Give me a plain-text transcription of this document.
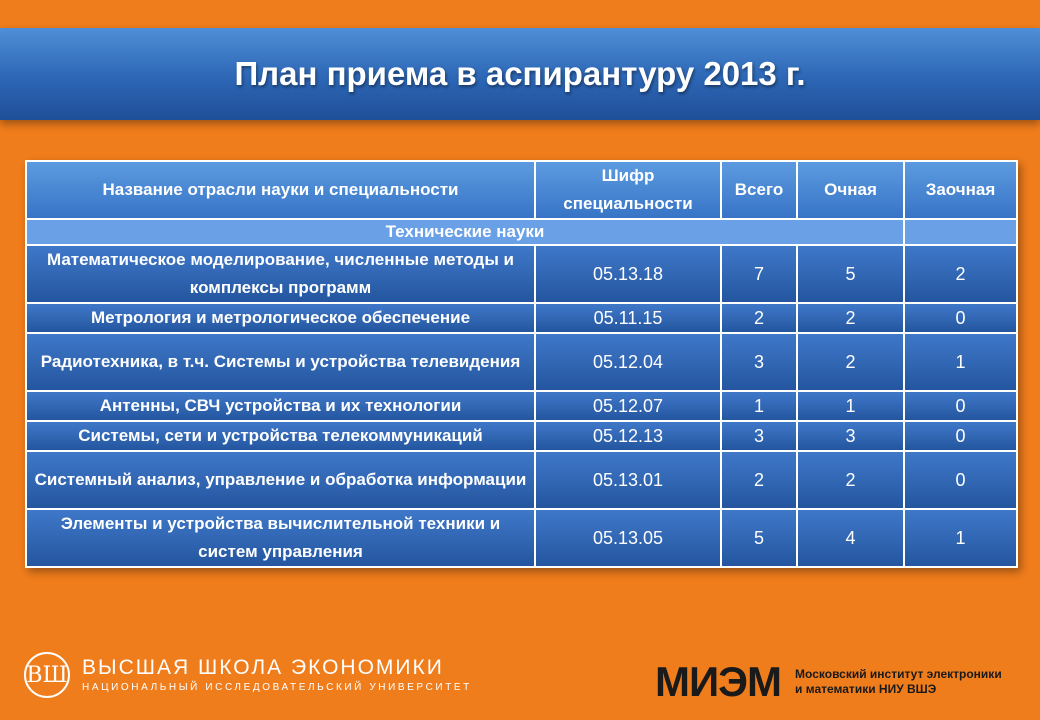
План приема в аспирантуру 2013 г.
Название отрасли науки и специальности	Шифр специальности	Всего	Очная	Заочная
Технические науки				
Математическое моделирование, численные методы и комплексы программ	05.13.18	7	5	2
Метрология и метрологическое обеспечение	05.11.15	2	2	0
Радиотехника, в т.ч. Системы и устройства телевидения	05.12.04	3	2	1
Антенны, СВЧ устройства и их технологии	05.12.07	1	1	0
Системы, сети и устройства телекоммуникаций	05.12.13	3	3	0
Системный анализ, управление и обработка информации	05.13.01	2	2	0
Элементы и устройства вычислительной техники и систем управления	05.13.05	5	4	1
ВШ ВЫСШАЯ ШКОЛА ЭКОНОМИКИ
НАЦИОНАЛЬНЫЙ ИССЛЕДОВАТЕЛЬСКИЙ УНИВЕРСИТЕТ	МИЭМ Московский институт электроники и математики НИУ ВШЭ
